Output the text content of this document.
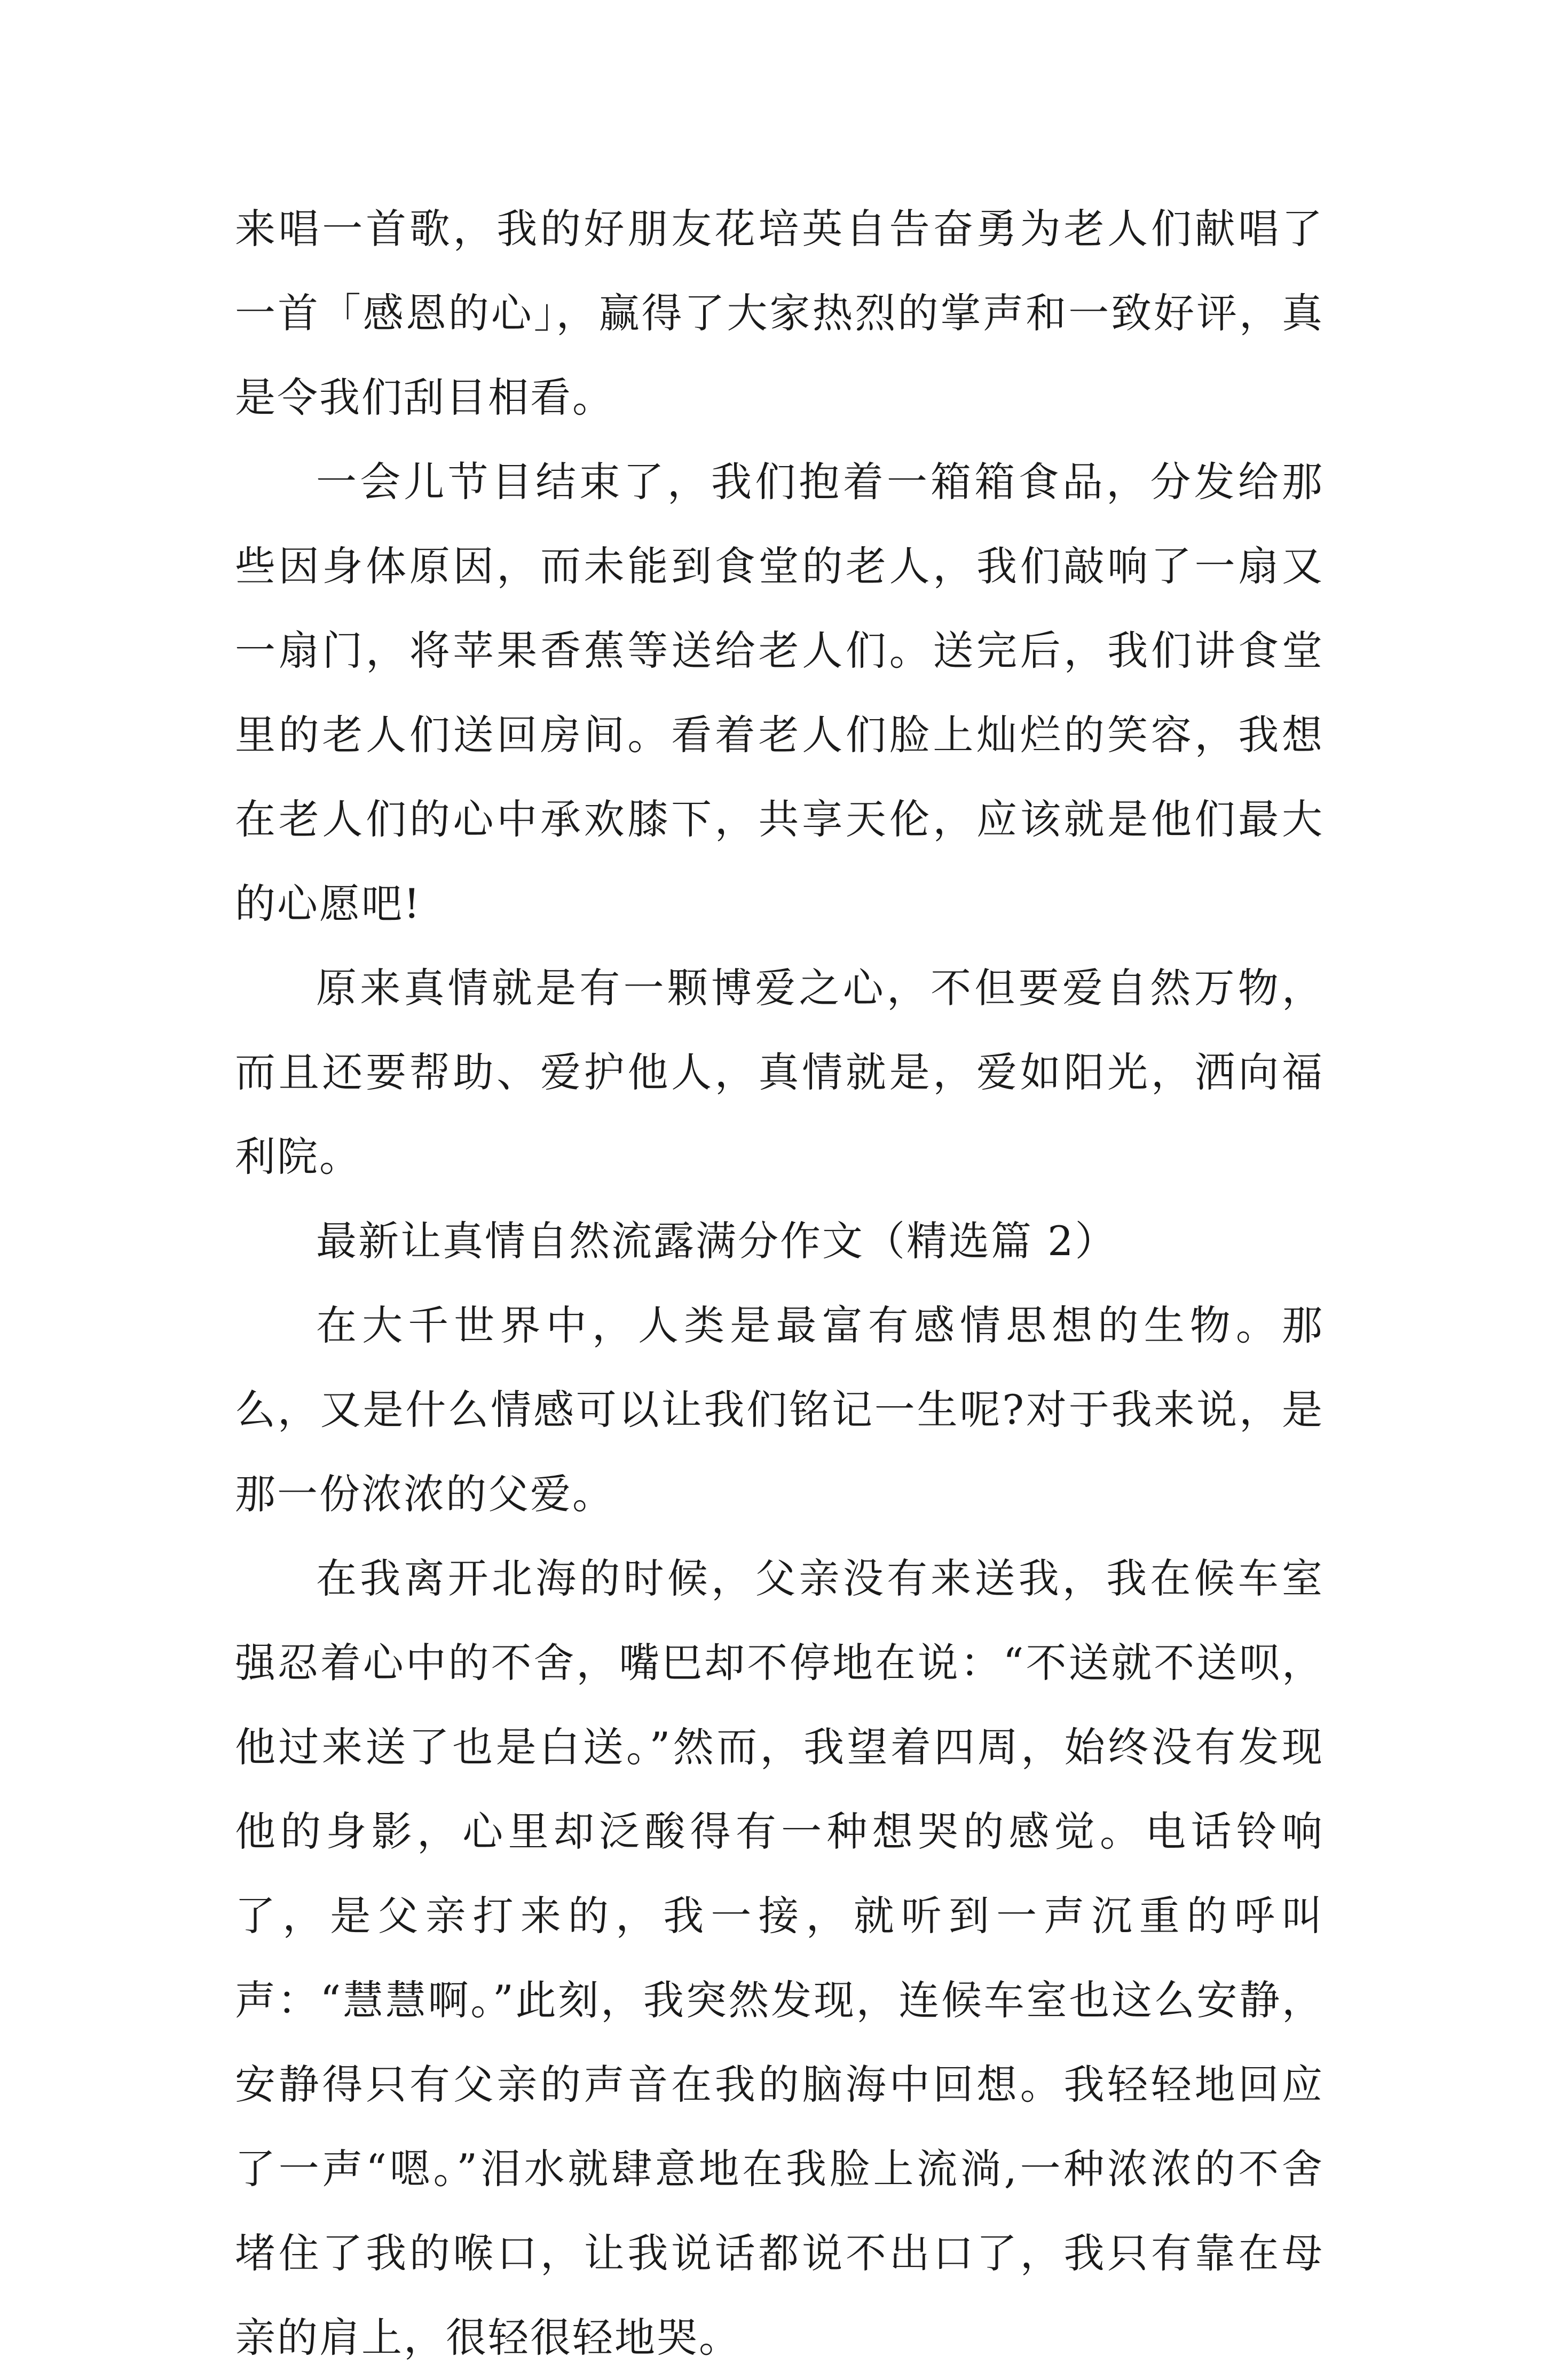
来唱一首歌，我的好朋友花培英自告奋勇为老人们献唱了一首「感恩的心」，赢得了大家热烈的掌声和一致好评，真是令我们刮目相看。

一会儿节目结束了，我们抱着一箱箱食品，分发给那些因身体原因，而未能到食堂的老人，我们敲响了一扇又一扇门，将苹果香蕉等送给老人们。送完后，我们讲食堂里的老人们送回房间。看着老人们脸上灿烂的笑容，我想在老人们的心中承欢膝下，共享天伦，应该就是他们最大的心愿吧!

原来真情就是有一颗博爱之心，不但要爱自然万物，而且还要帮助、爱护他人，真情就是，爱如阳光，洒向福利院。

最新让真情自然流露满分作文（精选篇 2）

在大千世界中，人类是最富有感情思想的生物。那么，又是什么情感可以让我们铭记一生呢?对于我来说，是那一份浓浓的父爱。

在我离开北海的时候，父亲没有来送我，我在候车室强忍着心中的不舍，嘴巴却不停地在说：“不送就不送呗，他过来送了也是白送。”然而，我望着四周，始终没有发现他的身影，心里却泛酸得有一种想哭的感觉。电话铃响了，是父亲打来的，我一接，就听到一声沉重的呼叫声：“慧慧啊。”此刻，我突然发现，连候车室也这么安静，安静得只有父亲的声音在我的脑海中回想。我轻轻地回应了一声“嗯。”泪水就肆意地在我脸上流淌,一种浓浓的不舍堵住了我的喉口，让我说话都说不出口了，我只有靠在母亲的肩上，很轻很轻地哭。
